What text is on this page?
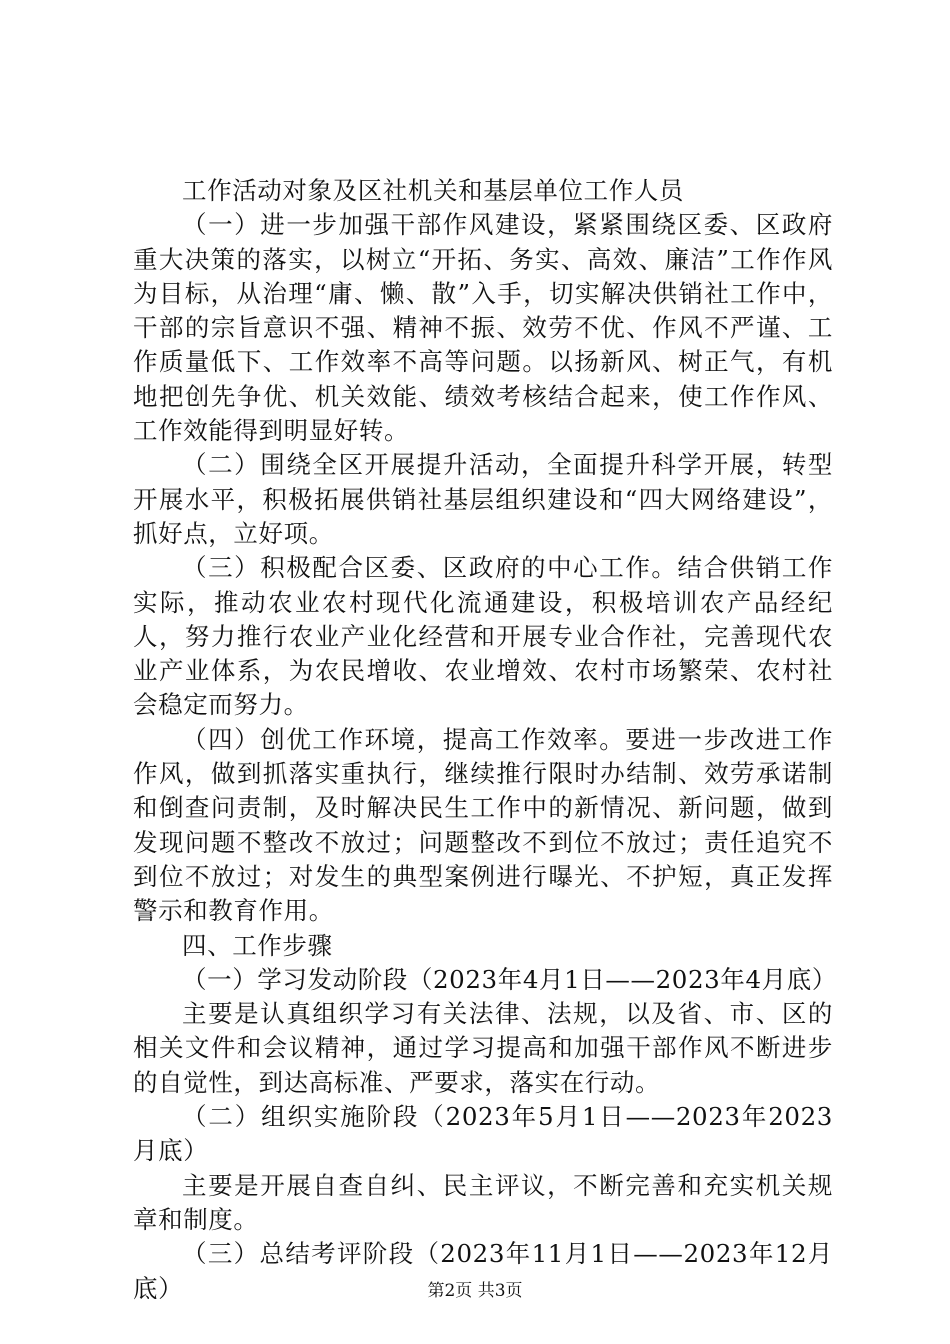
工作活动对象及区社机关和基层单位工作人员

（一）进一步加强干部作风建设，紧紧围绕区委、区政府重大决策的落实，以树立“开拓、务实、高效、廉洁”工作作风为目标，从治理“庸、懒、散”入手，切实解决供销社工作中，干部的宗旨意识不强、精神不振、效劳不优、作风不严谨、工作质量低下、工作效率不高等问题。以扬新风、树正气，有机地把创先争优、机关效能、绩效考核结合起来，使工作作风、工作效能得到明显好转。

（二）围绕全区开展提升活动，全面提升科学开展，转型开展水平，积极拓展供销社基层组织建设和“四大网络建设”，抓好点，立好项。

（三）积极配合区委、区政府的中心工作。结合供销工作实际，推动农业农村现代化流通建设，积极培训农产品经纪人，努力推行农业产业化经营和开展专业合作社，完善现代农业产业体系，为农民增收、农业增效、农村市场繁荣、农村社会稳定而努力。

（四）创优工作环境，提高工作效率。要进一步改进工作作风，做到抓落实重执行，继续推行限时办结制、效劳承诺制和倒查问责制，及时解决民生工作中的新情况、新问题，做到发现问题不整改不放过；问题整改不到位不放过；责任追究不到位不放过；对发生的典型案例进行曝光、不护短，真正发挥警示和教育作用。

四、工作步骤

（一）学习发动阶段（2023年4月1日——2023年4月底）

主要是认真组织学习有关法律、法规，以及省、市、区的相关文件和会议精神，通过学习提高和加强干部作风不断进步的自觉性，到达高标准、严要求，落实在行动。

（二）组织实施阶段（2023年5月1日——2023年2023月底）

主要是开展自查自纠、民主评议，不断完善和充实机关规章和制度。

（三）总结考评阶段（2023年11月1日——2023年12月底）	第2页 共3页
